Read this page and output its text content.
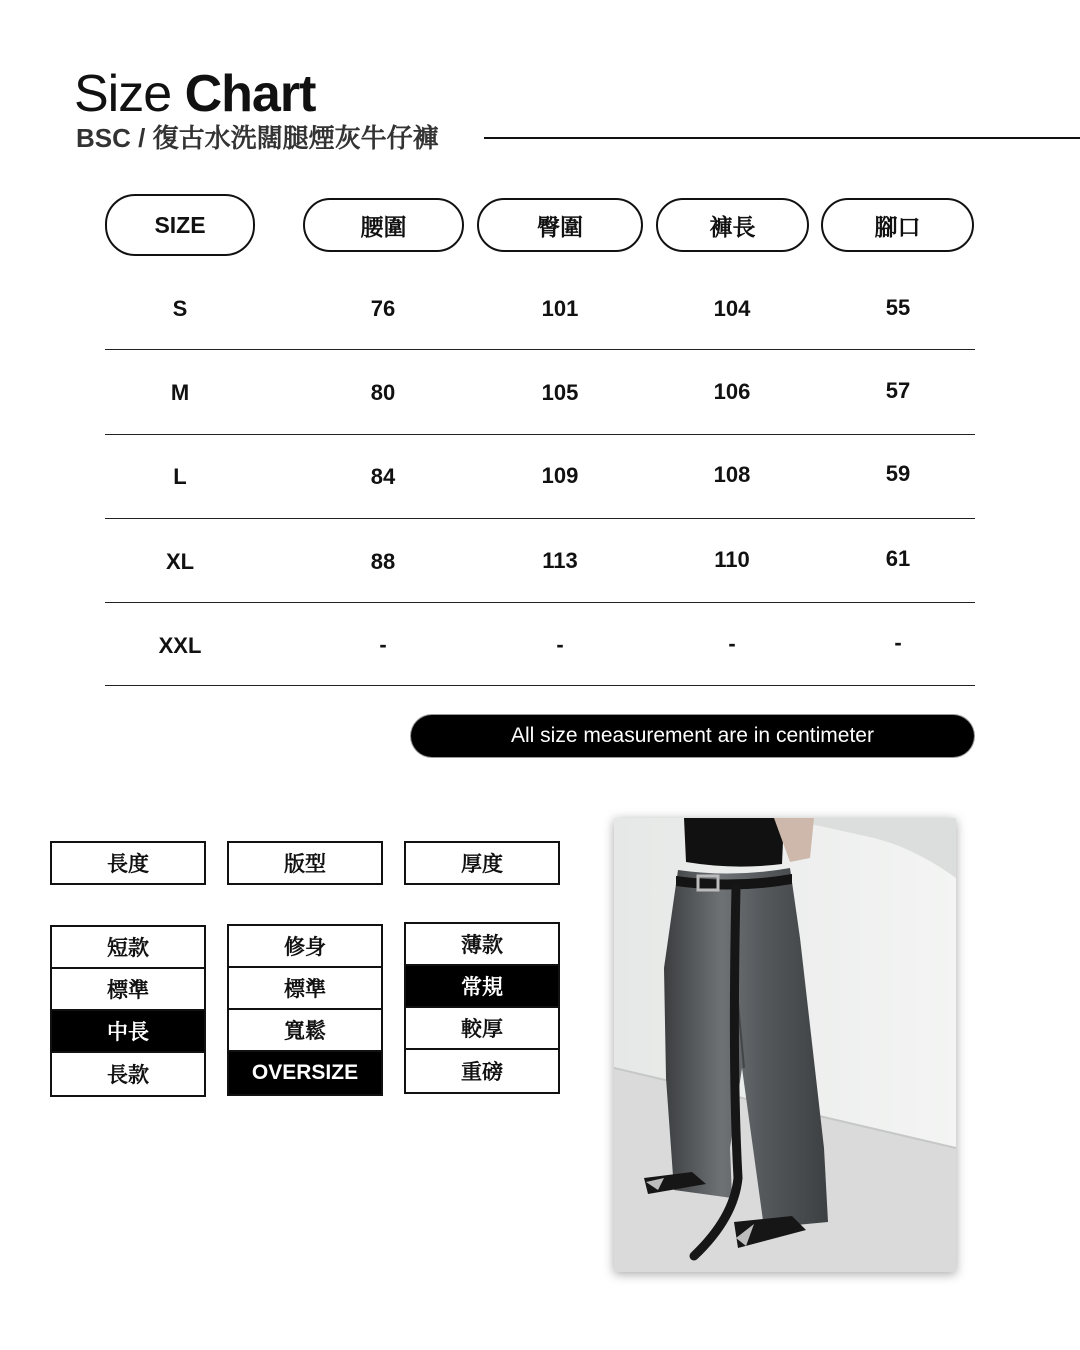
Size Chart
BSC / 復古水洗闊腿煙灰牛仔褲
SIZE	腰圍	臀圍	褲長	腳口
S	76	101	104	55
M	80	105	106	57
L	84	109	108	59
XL	88	113	110	61
XXL	-	-	-	-
All size measurement are in centimeter
長度	版型	厚度
短款
標準
中長
長款
修身
標準
寬鬆
OVERSIZE
薄款
常規
較厚
重磅
